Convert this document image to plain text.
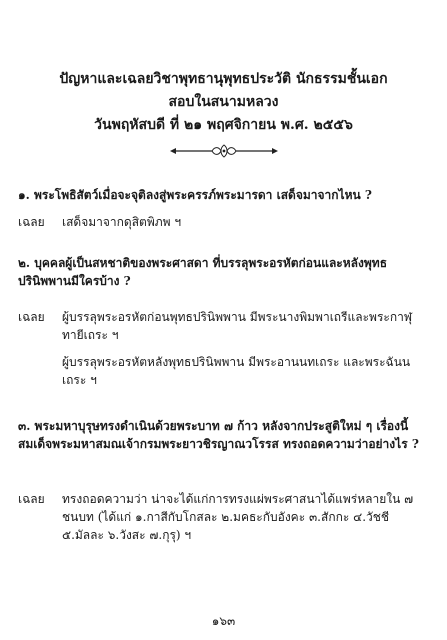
ปัญหาและเฉลยวิชาพุทธานุพุทธประวัติ นักธรรมชั้นเอก
สอบในสนามหลวง
วันพฤหัสบดี ที่ ๒๑ พฤศจิกายน พ.ศ. ๒๕๕๖
๑. พระโพธิสัตว์เมื่อจะจุติลงสู่พระครรภ์พระมารดา เสด็จมาจากไหน ?
เฉลย เสด็จมาจากดุสิตพิภพ ฯ
๒. บุคคลผู้เป็นสหชาติของพระศาสดา ที่บรรลุพระอรหัตก่อนและหลังพุทธปรินิพพานมีใครบ้าง ?
เฉลย ผู้บรรลุพระอรหัตก่อนพุทธปรินิพพาน มีพระนางพิมพาเถรีและพระกาฬุทายีเถระ ฯ
ผู้บรรลุพระอรหัตหลังพุทธปรินิพพาน มีพระอานนทเถระ และพระฉันนเถระ ฯ
๓. พระมหาบุรุษทรงดำเนินด้วยพระบาท ๗ ก้าว หลังจากประสูติใหม่ ๆ เรื่องนี้ สมเด็จพระมหาสมณเจ้ากรมพระยาวชิรญาณวโรรส ทรงถอดความว่าอย่างไร ?
เฉลย ทรงถอดความว่า น่าจะได้แก่การทรงแผ่พระศาสนาได้แพร่หลายใน ๗ ชนบท (ได้แก่ ๑.กาสีกับโกสละ ๒.มคธะกับอังคะ ๓.สักกะ ๔.วัชชี ๕.มัลละ ๖.วังสะ ๗.กุรุ) ฯ
๑๖๓
